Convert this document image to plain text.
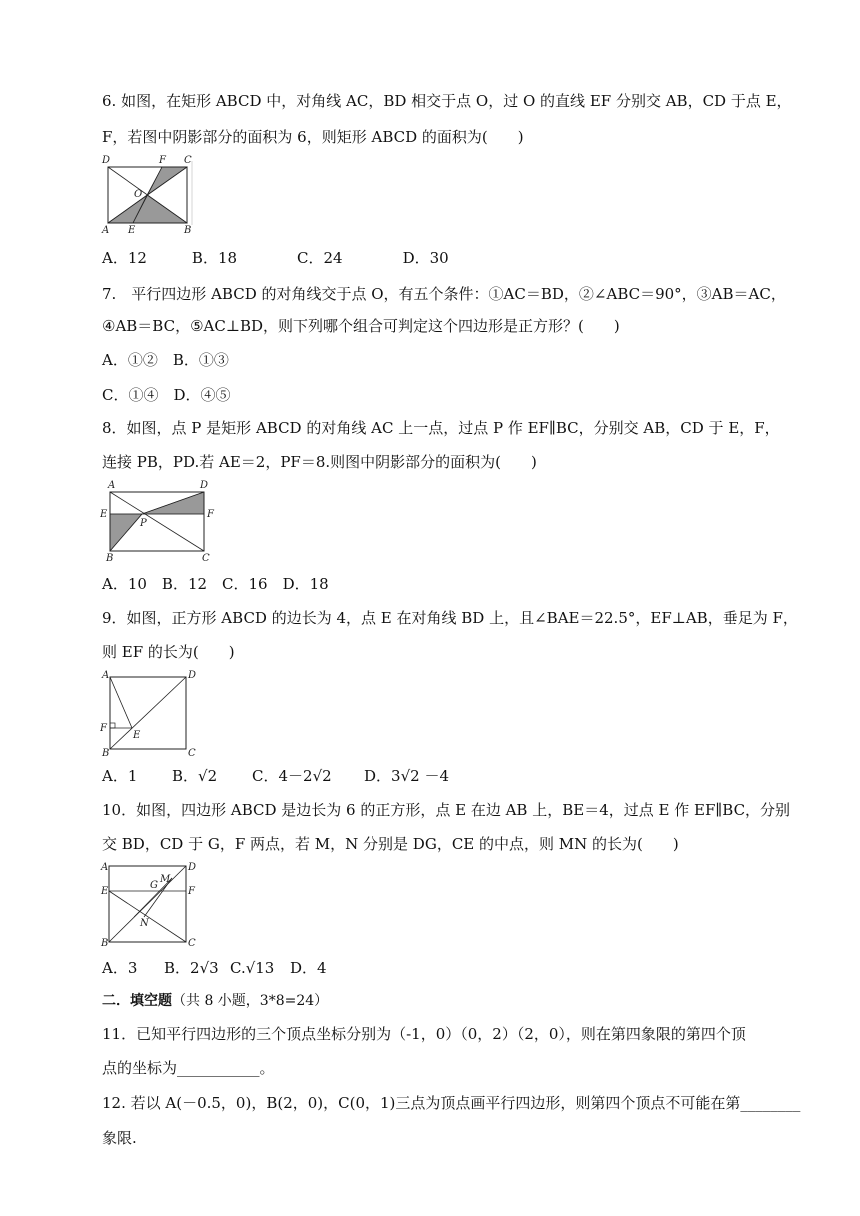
6. 如图，在矩形 ABCD 中，对角线 AC，BD 相交于点 O，过 O 的直线 EF 分别交 AB，CD 于点 E，
F，若图中阴影部分的面积为 6，则矩形 ABCD 的面积为(　　)
D	F C
O
A E	B
A．12　　　B．18　　　　C．24　　　　D．30
7.　平行四边形 ABCD 的对角线交于点 O，有五个条件：①AC＝BD，②∠ABC＝90°，③AB＝AC，
④AB＝BC，⑤AC⊥BD，则下列哪个组合可判定这个四边形是正方形？(　　)
A．①②　B．①③
C．①④　D．④⑤
8．如图，点 P 是矩形 ABCD 的对角线 AC 上一点，过点 P 作 EF∥BC，分别交 AB，CD 于 E，F，
连接 PB，PD.若 AE＝2，PF＝8.则图中阴影部分的面积为(　　)
A	D
E	F
P
B	C
A．10　B．12　C．16　D．18
9．如图，正方形 ABCD 的边长为 4，点 E 在对角线 BD 上，且∠BAE＝22.5°，EF⊥AB，垂足为 F，
则 EF 的长为(　　)
A	D
F
E
B	C
A．1 B．√2 C．4－2√2 D．3√2 －4
10．如图，四边形 ABCD 是边长为 6 的正方形，点 E 在边 AB 上，BE＝4，过点 E 作 EF∥BC，分别
交 BD，CD 于 G，F 两点，若 M，N 分别是 DG，CE 的中点，则 MN 的长为(　　)
A	D
E	F
G
M
N
B	C
A．3 B．2√3 C.√13 D．4
二．填空题（共 8 小题，3*8=24）
11．已知平行四边形的三个顶点坐标分别为（-1，0）（0，2）（2，0），则在第四象限的第四个顶
点的坐标为___________。
12. 若以 A(－0.5，0)，B(2，0)，C(0，1)三点为顶点画平行四边形，则第四个顶点不可能在第________
象限.
